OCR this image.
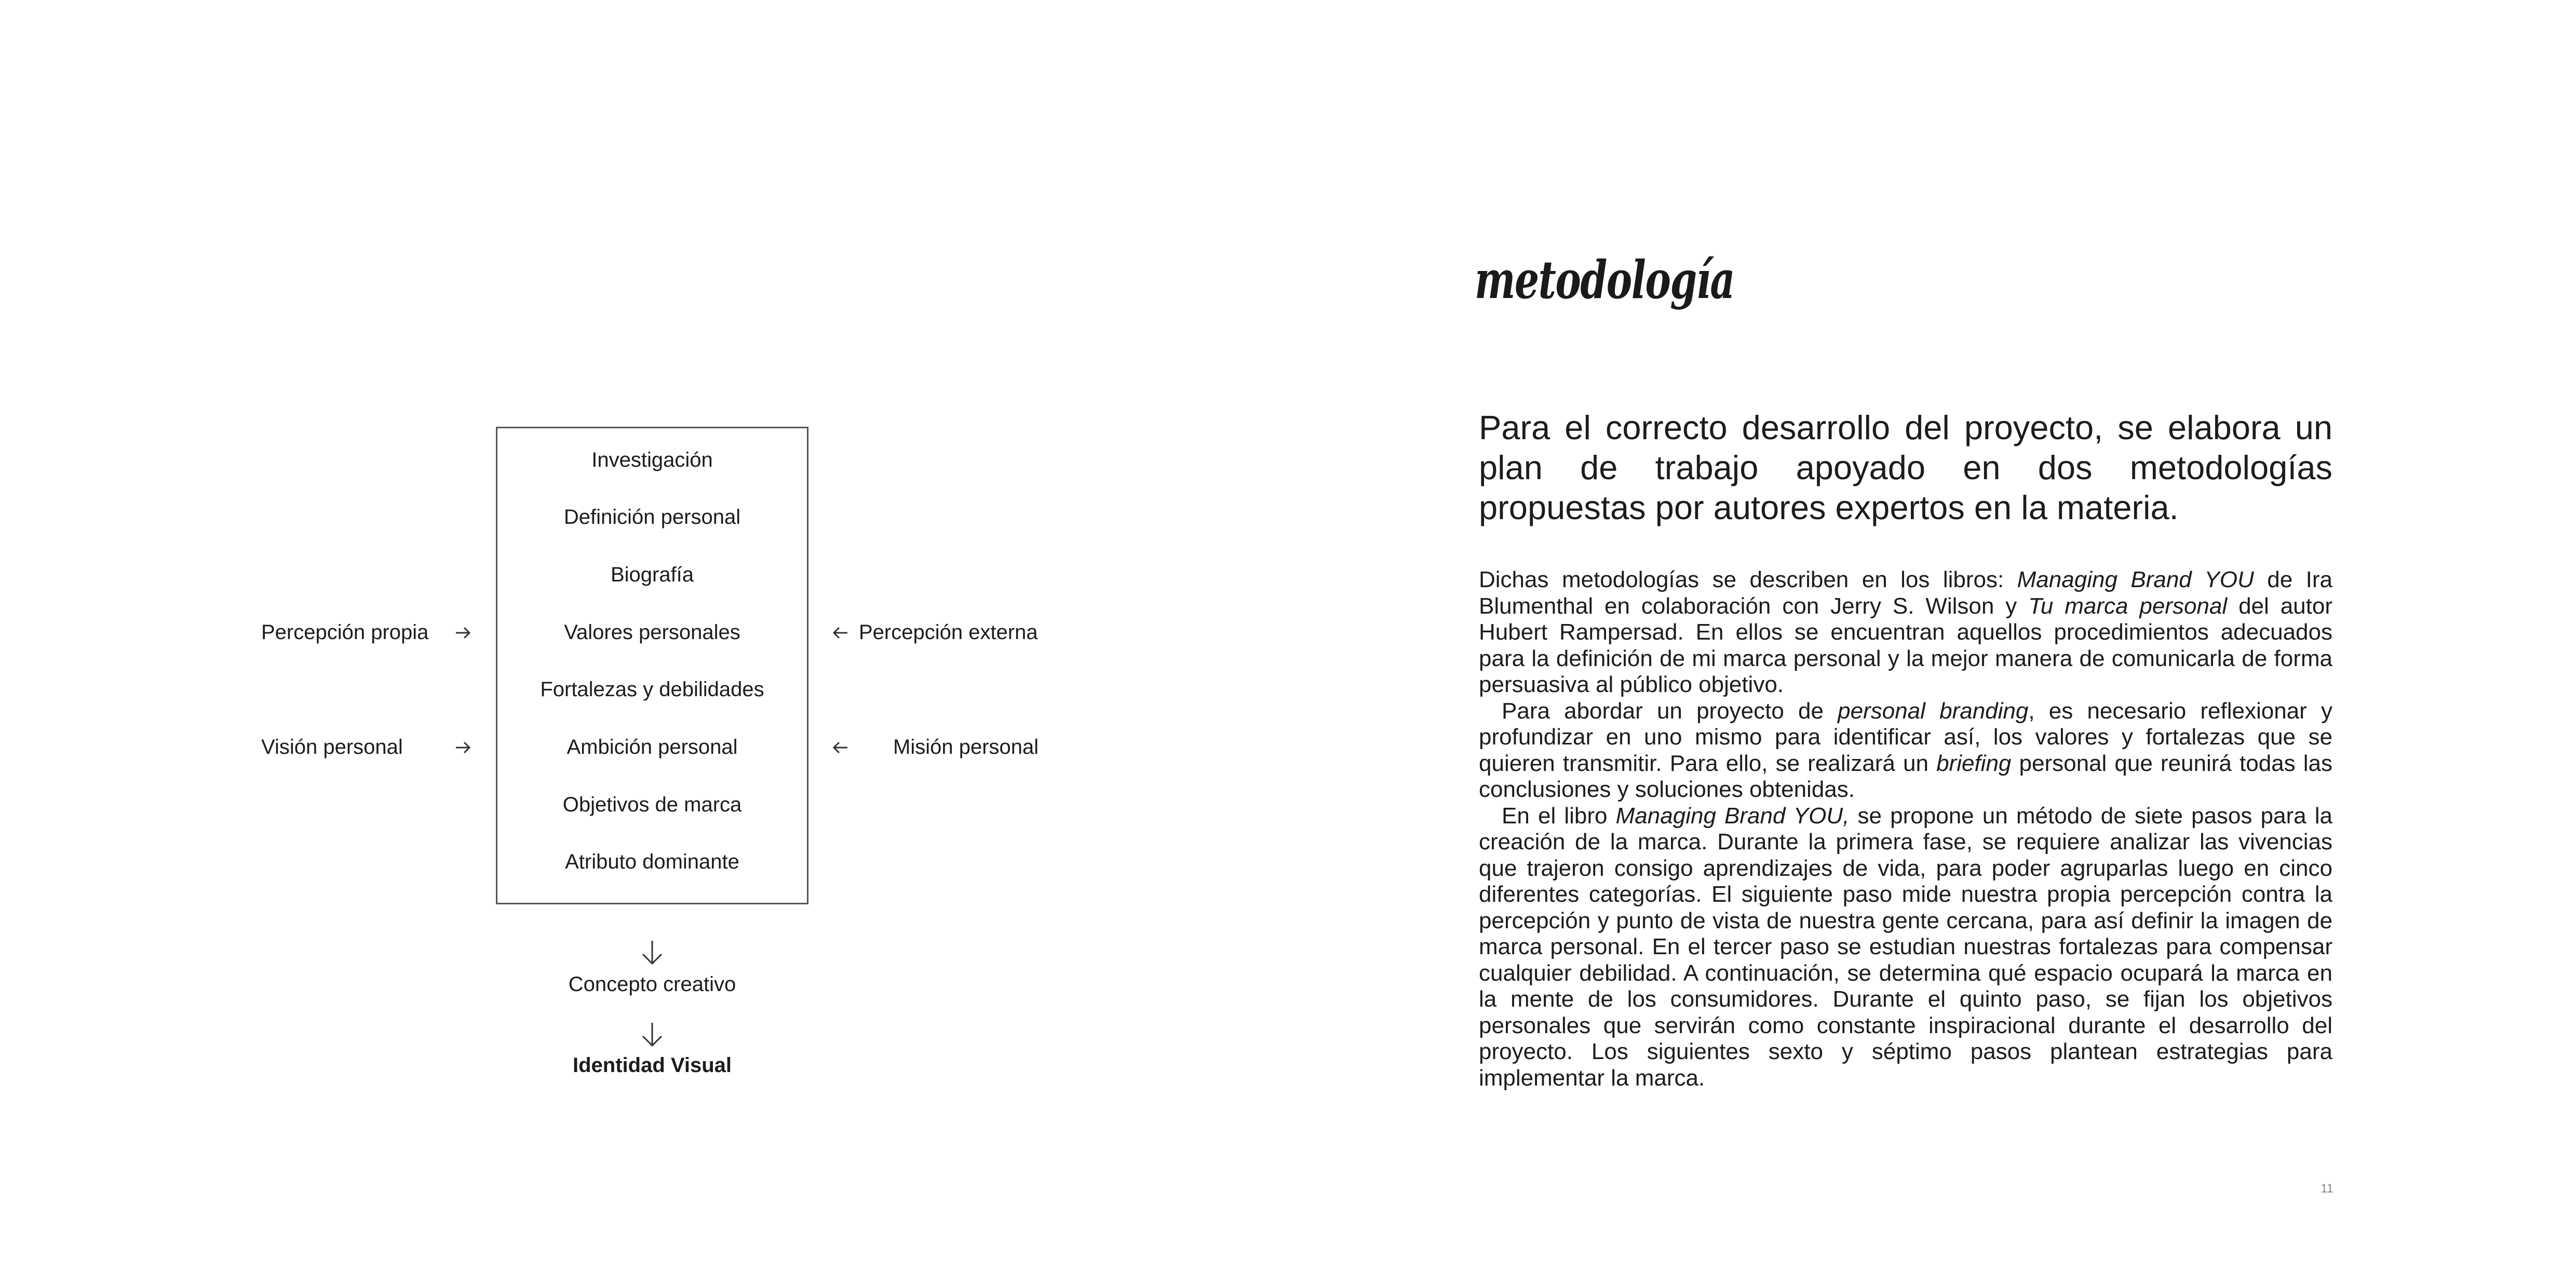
Investigación
Definición personal
Biografía
Valores personales
Fortalezas y debilidades
Ambición personal
Objetivos de marca
Atributo dominante
Percepción propia
Visión personal
Percepción externa
Misión personal
Concepto creativo
Identidad Visual
metodología

Para el correcto desarrollo del proyecto, se elabora un plan de trabajo apoyado en dos metodologías propuestas por autores expertos en la materia.

Dichas metodologías se describen en los libros: Managing Brand YOU de Ira Blumenthal en colaboración con Jerry S. Wilson y Tu marca personal del autor Hubert Rampersad. En ellos se encuentran aquellos procedimientos adecuados para la definición de mi marca personal y la mejor manera de comunicarla de forma persuasiva al público objetivo.

Para abordar un proyecto de personal branding, es necesario reflexionar y profundizar en uno mismo para identificar así, los valores y fortalezas que se quieren transmitir. Para ello, se realizará un briefing personal que reunirá todas las conclusiones y soluciones obtenidas.

En el libro Managing Brand YOU, se propone un método de siete pasos para la creación de la marca. Durante la primera fase, se requiere analizar las vivencias que trajeron consigo aprendizajes de vida, para poder agruparlas luego en cinco diferentes categorías. El siguiente paso mide nuestra propia percepción contra la percepción y punto de vista de nuestra gente cercana, para así definir la imagen de marca personal. En el tercer paso se estudian nuestras fortalezas para compensar cualquier debilidad. A continuación, se determina qué espacio ocupará la marca en la mente de los consumidores. Durante el quinto paso, se fijan los objetivos personales que servirán como constante inspiracional durante el desarrollo del proyecto. Los siguientes sexto y séptimo pasos plantean estrategias para implementar la marca.

11
